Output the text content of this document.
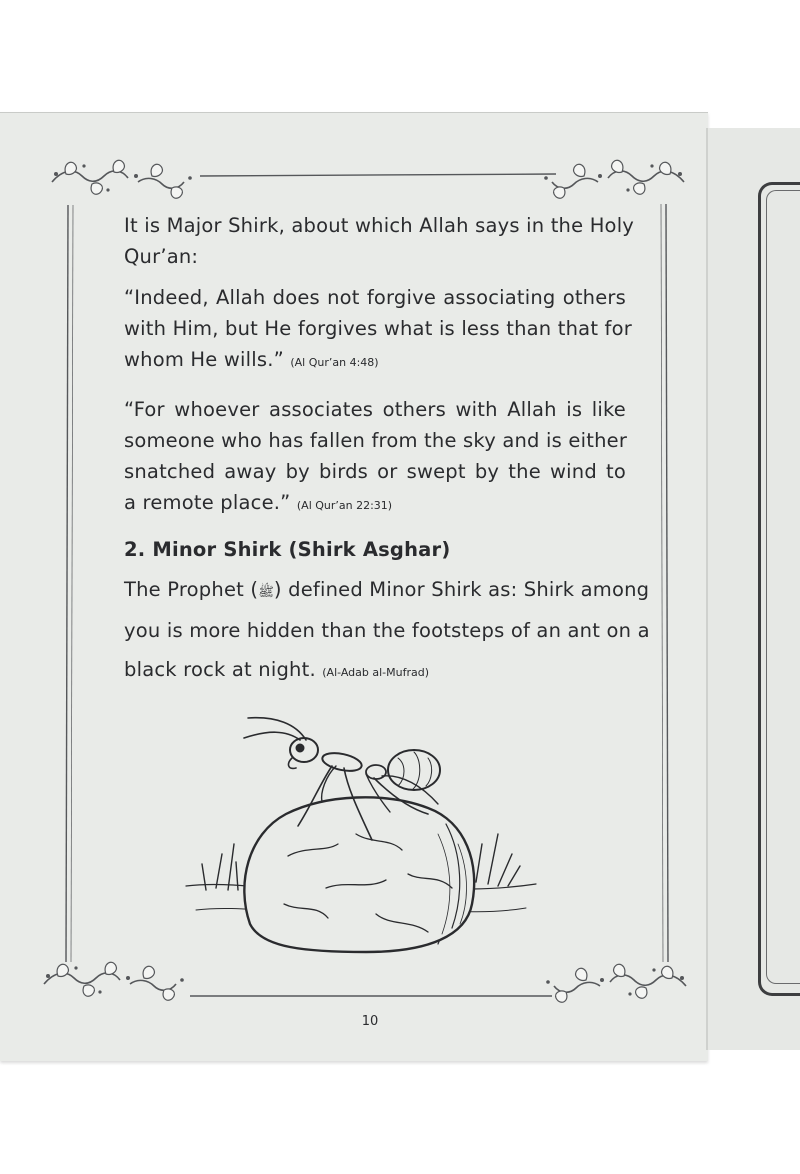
It is Major Shirk, about which Allah says in the Holy
Qur’an:
“Indeed, Allah does not forgive associating others
with Him, but He forgives what is less than that for
whom He wills.” (Al Qur’an 4:48)
“For whoever associates others with Allah is like
someone who has fallen from the sky and is either
snatched away by birds or swept by the wind to
a remote place.” (Al Qur’an 22:31)
2. Minor Shirk (Shirk Asghar)
The Prophet (ﷺ) defined Minor Shirk as: Shirk among
you is more hidden than the footsteps of an ant on a
black rock at night. (Al-Adab al-Mufrad)
10
